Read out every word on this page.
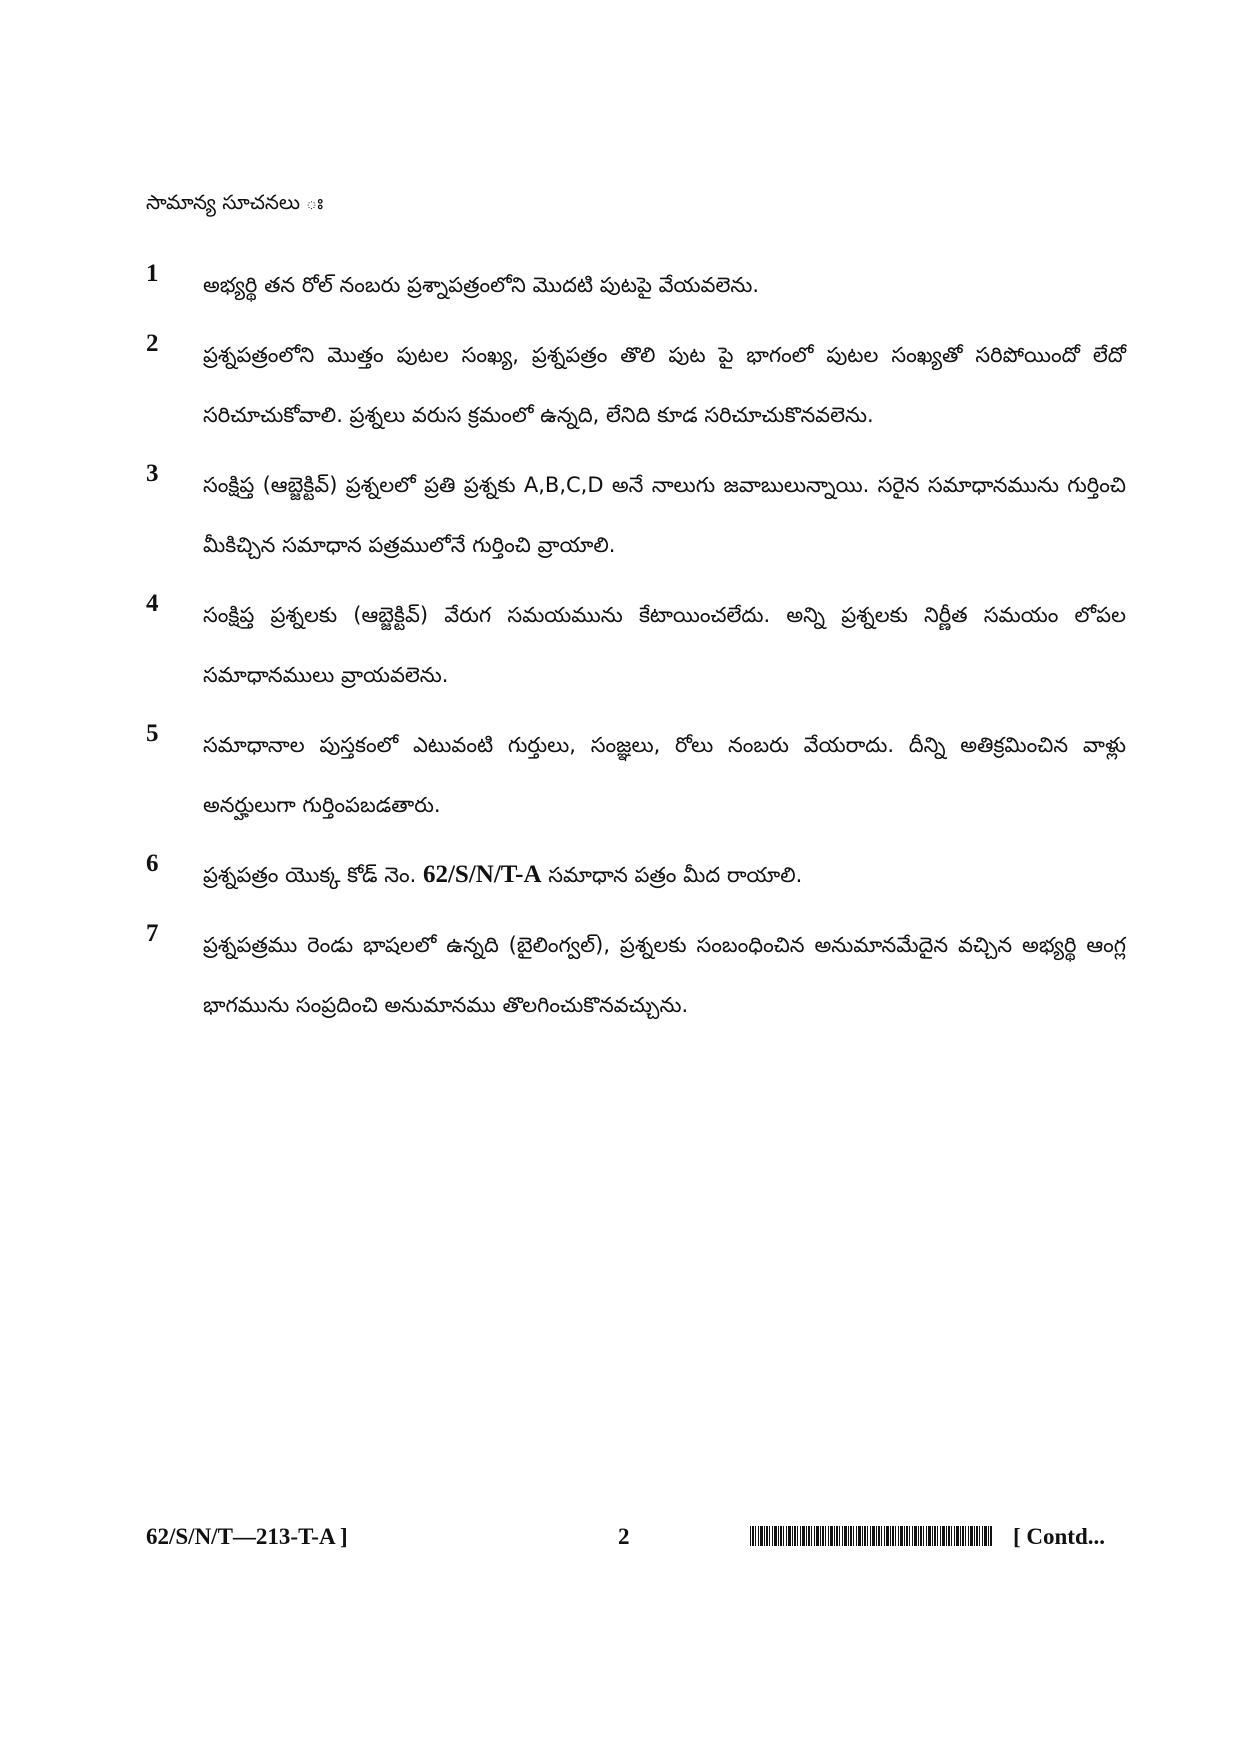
సామాన్య సూచనలు ః
1	అభ్యర్థి తన రోల్ నంబరు ప్రశ్నాపత్రంలోని మొదటి పుటపై వేయవలెను.
2	ప్రశ్నపత్రంలోని మొత్తం పుటల సంఖ్య, ప్రశ్నపత్రం తొలి పుట పై భాగంలో పుటల సంఖ్యతో సరిపోయిందో లేదో సరిచూచుకోవాలి. ప్రశ్నలు వరుస క్రమంలో ఉన్నది, లేనిది కూడ సరిచూచుకొనవలెను.
3	సంక్షిప్త (ఆబ్జెక్టివ్) ప్రశ్నలలో ప్రతి ప్రశ్నకు A,B,C,D అనే నాలుగు జవాబులున్నాయి. సరైన సమాధానమును గుర్తించి మీకిచ్చిన సమాధాన పత్రములోనే గుర్తించి వ్రాయాలి.
4	సంక్షిప్త ప్రశ్నలకు (ఆబ్జెక్టివ్) వేరుగ సమయమును కేటాయించలేదు. అన్ని ప్రశ్నలకు నిర్ణీత సమయం లోపల సమాధానములు వ్రాయవలెను.
5	సమాధానాల పుస్తకంలో ఎటువంటి గుర్తులు, సంజ్ఞలు, రోలు నంబరు వేయరాదు. దీన్ని అతిక్రమించిన వాళ్లు అనర్హులుగా గుర్తింపబడతారు.
6	ప్రశ్నపత్రం యొక్క కోడ్ నెం. 62/S/N/T-A సమాధాన పత్రం మీద రాయాలి.
7	ప్రశ్నపత్రము రెండు భాషలలో ఉన్నది (బైలింగ్వల్), ప్రశ్నలకు సంబంధించిన అనుమానమేదైన వచ్చిన అభ్యర్థి ఆంగ్ల భాగమును సంప్రదించి అనుమానము తొలగించుకొనవచ్చును.
62/S/N/T—213-T-A ]	2	[ Contd...
